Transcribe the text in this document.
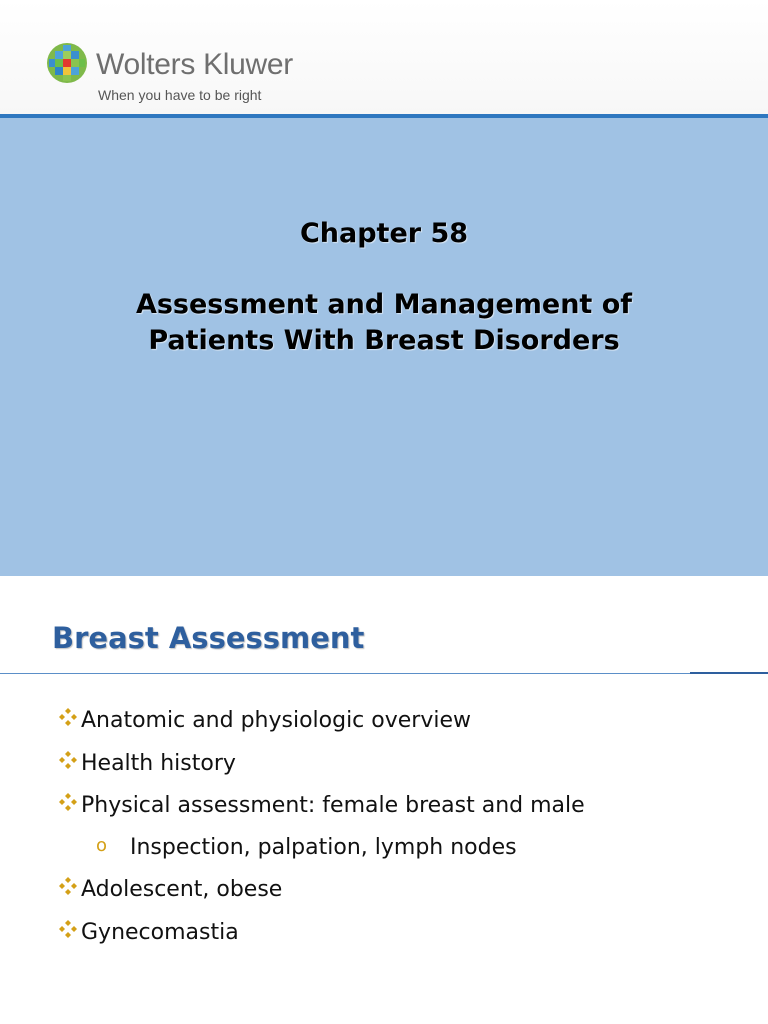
Wolters Kluwer
When you have to be right
Chapter 58
Assessment and Management of
Patients With Breast Disorders
Breast Assessment
Anatomic and physiologic overview
Health history
Physical assessment: female breast and male
o	Inspection, palpation, lymph nodes
Adolescent, obese
Gynecomastia
